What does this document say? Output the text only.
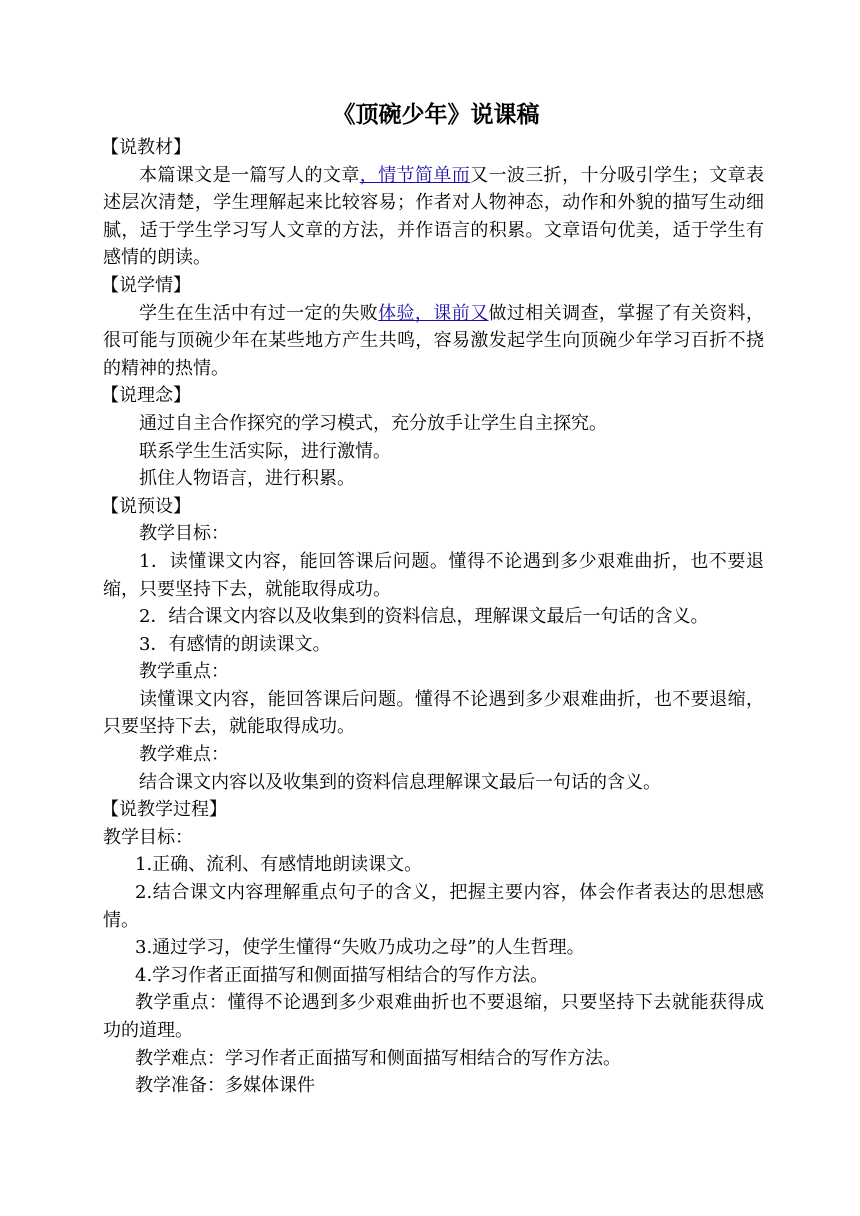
《顶碗少年》说课稿

【说教材】

本篇课文是一篇写人的文章，情节简单而又一波三折，十分吸引学生；文章表述层次清楚，学生理解起来比较容易；作者对人物神态，动作和外貌的描写生动细腻，适于学生学习写人文章的方法，并作语言的积累。文章语句优美，适于学生有感情的朗读。

【说学情】

学生在生活中有过一定的失败体验，课前又做过相关调查，掌握了有关资料，很可能与顶碗少年在某些地方产生共鸣，容易激发起学生向顶碗少年学习百折不挠的精神的热情。

【说理念】

通过自主合作探究的学习模式，充分放手让学生自主探究。

联系学生生活实际，进行激情。

抓住人物语言，进行积累。

【说预设】

教学目标：

1．读懂课文内容，能回答课后问题。懂得不论遇到多少艰难曲折，也不要退缩，只要坚持下去，就能取得成功。

2．结合课文内容以及收集到的资料信息，理解课文最后一句话的含义。

3．有感情的朗读课文。

教学重点：

读懂课文内容，能回答课后问题。懂得不论遇到多少艰难曲折，也不要退缩，只要坚持下去，就能取得成功。

教学难点：

结合课文内容以及收集到的资料信息理解课文最后一句话的含义。

【说教学过程】

教学目标：

1.正确、流利、有感情地朗读课文。

2.结合课文内容理解重点句子的含义，把握主要内容，体会作者表达的思想感情。

3.通过学习，使学生懂得“失败乃成功之母”的人生哲理。

4.学习作者正面描写和侧面描写相结合的写作方法。

教学重点：懂得不论遇到多少艰难曲折也不要退缩，只要坚持下去就能获得成功的道理。

教学难点：学习作者正面描写和侧面描写相结合的写作方法。

教学准备：多媒体课件
